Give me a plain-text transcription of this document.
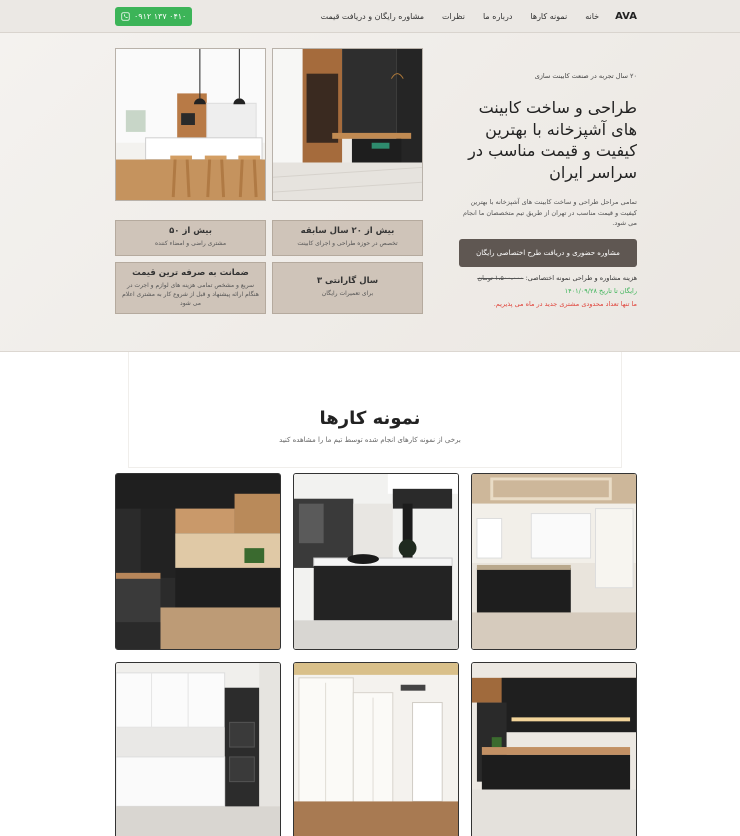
AVA
خانه
نمونه کارها
درباره ما
نظرات
مشاوره رایگان و دریافت قیمت
۰۹۱۲ ۱۳۷ ۰۴۱۰
بیش از ۲۰ سال سابقه
تخصص در حوزه طراحی و اجرای کابینت
بیش از ۵۰
مشتری راضی و امضاء کننده
۳ سال گارانتی
برای تعمیرات رایگان
ضمانت به صرفه ترین قیمت
سریع و مشخص تمامی هزینه های لوازم و اجرت در هنگام ارائه پیشنهاد و قبل از شروع کار به مشتری اعلام می شود
۲۰ سال تجربه در صنعت کابینت سازی
طراحی و ساخت کابینت های آشپزخانه با بهترین کیفیت و قیمت مناسب در سراسر ایران
تمامی مراحل طراحی و ساخت کابینت های آشپزخانه با بهترین کیفیت و قیمت مناسب در تهران از طریق تیم متخصصان ما انجام می شود.
مشاوره حضوری و دریافت طرح اختصاصی رایگان
هزینه مشاوره و طراحی نمونه اختصاصی: ۱،۵۰۰،۰۰۰ تومان
رایگان تا تاریخ ۱۴۰۱/۰۹/۲۸
ما تنها تعداد محدودی مشتری جدید در ماه می پذیریم.
نمونه کارها
برخی از نمونه کارهای انجام شده توسط تیم ما را مشاهده کنید
